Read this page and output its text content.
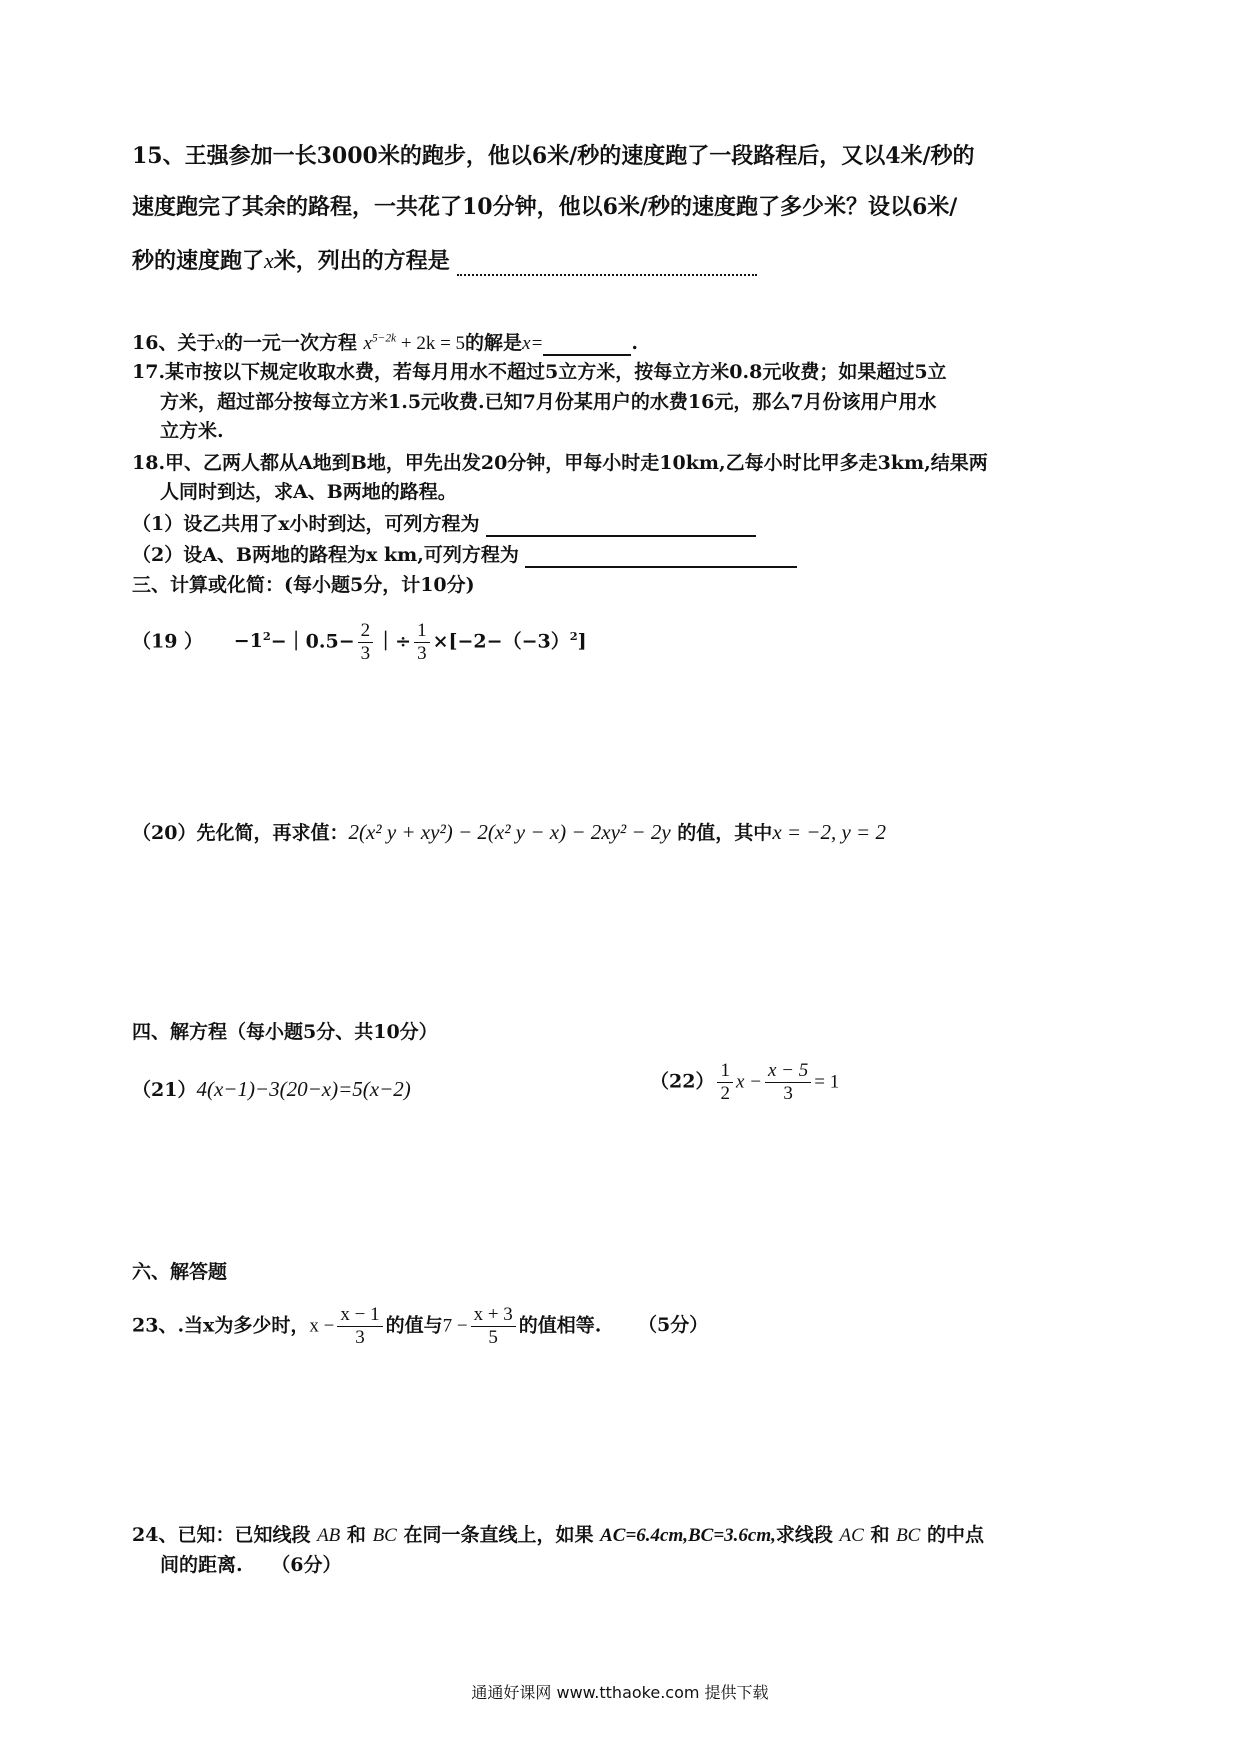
15、王强参加一长3000米的跑步，他以6米/秒的速度跑了一段路程后，又以4米/秒的
速度跑完了其余的路程，一共花了10分钟，他以6米/秒的速度跑了多少米？设以6米/
秒的速度跑了x米，列出的方程是
16、关于x的一元一次方程 $x^{5-2k} + 2k = 5$的解是x=	.
17.某市按以下规定收取水费，若每月用水不超过5立方米，按每立方米0.8元收费；如果超过5立
方米，超过部分按每立方米1.5元收费.已知7月份某用户的水费16元，那么7月份该用户用水
立方米.
18.甲、乙两人都从A地到B地，甲先出发20分钟，甲每小时走10km,乙每小时比甲多走3km,结果两
人同时到达，求A、B两地的路程。
（1）设乙共用了x小时到达，可列方程为
（2）设A、B两地的路程为x km,可列方程为
三、计算或化简：(每小题5分，计10分)
（19 ） $-1^2-|0.5- \frac{2}{3}$ ｜÷ $\frac{1}{3} \times[-2-(-3)^2]$
（20）先化简，再求值：2(x² y + xy²) − 2(x² y − x) − 2xy² − 2y 的值，其中x = −2, y = 2
四、解方程（每小题5分、共10分）
（21）4(x−1)−3(20−x)=5(x−2)	$(22) \frac{1}{2}$ $x - \frac{x - 5}{3} = 1$
六、解答题
23、.当x为多少时，$x - \frac{x - 1}{3}$ 的值与$7 - \frac{x + 3}{5}$ 的值相等. （5分）
24、已知：已知线段 AB 和 BC 在同一条直线上，如果 AC=6.4cm,BC=3.6cm,求线段 AC 和 BC 的中点
间的距离. （6分）
通通好课网 www.tthaoke.com 提供下载
